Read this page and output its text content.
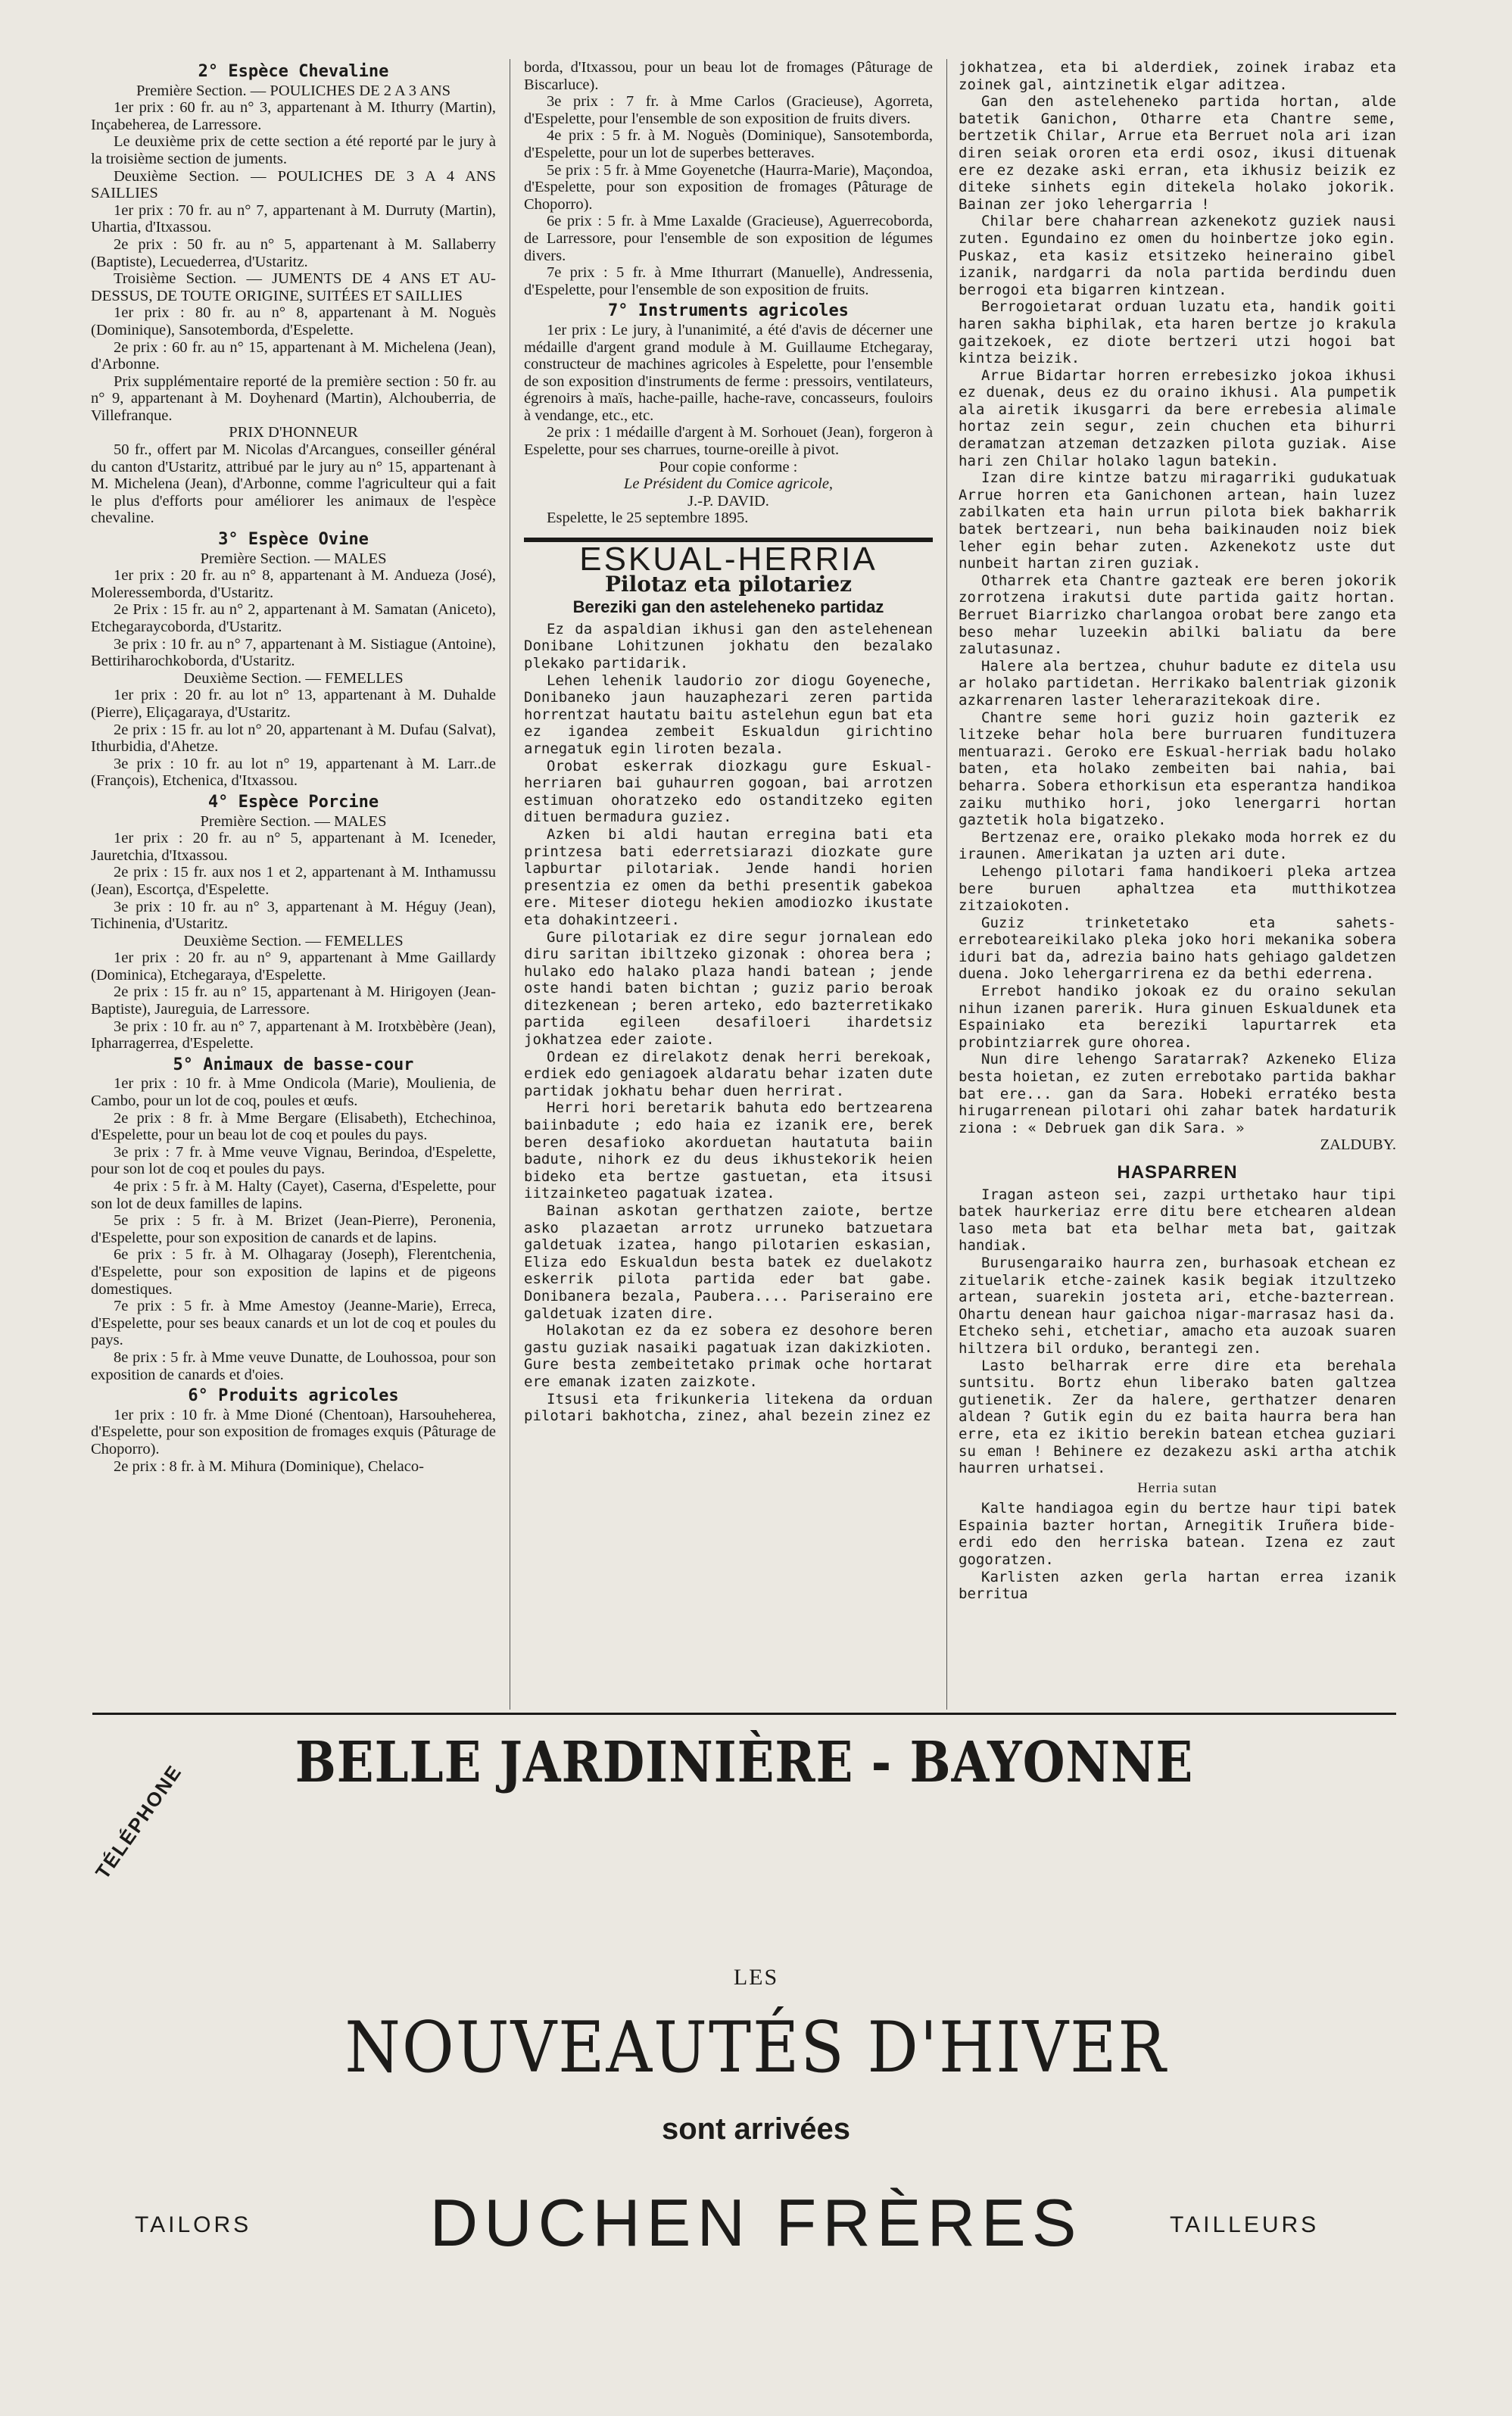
2° Espèce Chevaline

Première Section. — POULICHES DE 2 A 3 ANS

1er prix : 60 fr. au n° 3, appartenant à M. Ithurry (Martin), Inçabeherea, de Larressore.

Le deuxième prix de cette section a été reporté par le jury à la troisième section de juments.

Deuxième Section. — POULICHES DE 3 A 4 ANS SAILLIES

1er prix : 70 fr. au n° 7, appartenant à M. Durruty (Martin), Uhartia, d'Itxassou.

2e prix : 50 fr. au n° 5, appartenant à M. Sallaberry (Baptiste), Lecuederrea, d'Ustaritz.

Troisième Section. — JUMENTS DE 4 ANS ET AU-DESSUS, DE TOUTE ORIGINE, SUITÉES ET SAILLIES

1er prix : 80 fr. au n° 8, appartenant à M. Noguès (Dominique), Sansotemborda, d'Espelette.

2e prix : 60 fr. au n° 15, appartenant à M. Michelena (Jean), d'Arbonne.

Prix supplémentaire reporté de la première section : 50 fr. au n° 9, appartenant à M. Doyhenard (Martin), Alchouberria, de Villefranque.

PRIX D'HONNEUR

50 fr., offert par M. Nicolas d'Arcangues, conseiller général du canton d'Ustaritz, attribué par le jury au n° 15, appartenant à M. Michelena (Jean), d'Arbonne, comme l'agriculteur qui a fait le plus d'efforts pour améliorer les animaux de l'espèce chevaline.

3° Espèce Ovine

Première Section. — MALES

1er prix : 20 fr. au n° 8, appartenant à M. Andueza (José), Moleressemborda, d'Ustaritz.

2e Prix : 15 fr. au n° 2, appartenant à M. Samatan (Aniceto), Etchegaraycoborda, d'Ustaritz.

3e prix : 10 fr. au n° 7, appartenant à M. Sistiague (Antoine), Bettiriharochkoborda, d'Ustaritz.

Deuxième Section. — FEMELLES

1er prix : 20 fr. au lot n° 13, appartenant à M. Duhalde (Pierre), Eliçagaraya, d'Ustaritz.

2e prix : 15 fr. au lot n° 20, appartenant à M. Dufau (Salvat), Ithurbidia, d'Ahetze.

3e prix : 10 fr. au lot n° 19, appartenant à M. Larr..de (François), Etchenica, d'Itxassou.

4° Espèce Porcine

Première Section. — MALES

1er prix : 20 fr. au n° 5, appartenant à M. Iceneder, Jauretchia, d'Itxassou.

2e prix : 15 fr. aux nos 1 et 2, appartenant à M. Inthamussu (Jean), Escortça, d'Espelette.

3e prix : 10 fr. au n° 3, appartenant à M. Héguy (Jean), Tichinenia, d'Ustaritz.

Deuxième Section. — FEMELLES

1er prix : 20 fr. au n° 9, appartenant à Mme Gaillardy (Dominica), Etchegaraya, d'Espelette.

2e prix : 15 fr. au n° 15, appartenant à M. Hirigoyen (Jean-Baptiste), Jaureguia, de Larressore.

3e prix : 10 fr. au n° 7, appartenant à M. Irotxbèbère (Jean), Ipharragerrea, d'Espelette.

5° Animaux de basse-cour

1er prix : 10 fr. à Mme Ondicola (Marie), Moulienia, de Cambo, pour un lot de coq, poules et œufs.

2e prix : 8 fr. à Mme Bergare (Elisabeth), Etchechinoa, d'Espelette, pour un beau lot de coq et poules du pays.

3e prix : 7 fr. à Mme veuve Vignau, Berindoa, d'Espelette, pour son lot de coq et poules du pays.

4e prix : 5 fr. à M. Halty (Cayet), Caserna, d'Espelette, pour son lot de deux familles de lapins.

5e prix : 5 fr. à M. Brizet (Jean-Pierre), Peronenia, d'Espelette, pour son exposition de canards et de lapins.

6e prix : 5 fr. à M. Olhagaray (Joseph), Flerentchenia, d'Espelette, pour son exposition de lapins et de pigeons domestiques.

7e prix : 5 fr. à Mme Amestoy (Jeanne-Marie), Erreca, d'Espelette, pour ses beaux canards et un lot de coq et poules du pays.

8e prix : 5 fr. à Mme veuve Dunatte, de Louhossoa, pour son exposition de canards et d'oies.

6° Produits agricoles

1er prix : 10 fr. à Mme Dioné (Chentoan), Harsouheherea, d'Espelette, pour son exposition de fromages exquis (Pâturage de Choporro).

2e prix : 8 fr. à M. Mihura (Dominique), Chelaco-

borda, d'Itxassou, pour un beau lot de fromages (Pâturage de Biscarluce).

3e prix : 7 fr. à Mme Carlos (Gracieuse), Agorreta, d'Espelette, pour l'ensemble de son exposition de fruits divers.

4e prix : 5 fr. à M. Noguès (Dominique), Sansotemborda, d'Espelette, pour un lot de superbes betteraves.

5e prix : 5 fr. à Mme Goyenetche (Haurra-Marie), Maçondoa, d'Espelette, pour son exposition de fromages (Pâturage de Choporro).

6e prix : 5 fr. à Mme Laxalde (Gracieuse), Aguerrecoborda, de Larressore, pour l'ensemble de son exposition de légumes divers.

7e prix : 5 fr. à Mme Ithurrart (Manuelle), Andressenia, d'Espelette, pour l'ensemble de son exposition de fruits.

7° Instruments agricoles

1er prix : Le jury, à l'unanimité, a été d'avis de décerner une médaille d'argent grand module à M. Guillaume Etchegaray, constructeur de machines agricoles à Espelette, pour l'ensemble de son exposition d'instruments de ferme : pressoirs, ventilateurs, égrenoirs à maïs, hache-paille, hache-rave, concasseurs, fouloirs à vendange, etc., etc.

2e prix : 1 médaille d'argent à M. Sorhouet (Jean), forgeron à Espelette, pour ses charrues, tourne-oreille à pivot.

Pour copie conforme :

Le Président du Comice agricole,

J.-P. DAVID.

Espelette, le 25 septembre 1895.

ESKUAL-HERRIA
Pilotaz eta pilotariez
Bereziki gan den asteleheneko partidaz

Ez da aspaldian ikhusi gan den astelehenean Donibane Lohitzunen jokhatu den bezalako plekako partidarik.

Lehen lehenik laudorio zor diogu Goyeneche, Donibaneko jaun hauzaphezari zeren partida horrentzat hautatu baitu astelehun egun bat eta ez igandea zembeit Eskualdun girichtino arnegatuk egin liroten bezala.

Orobat eskerrak diozkagu gure Eskual-herriaren bai guhaurren gogoan, bai arrotzen estimuan ohoratzeko edo ostanditzeko egiten dituen bermadura guziez.

Azken bi aldi hautan erregina bati eta printzesa bati ederretsiarazi diozkate gure lapburtar pilotariak. Jende handi horien presentzia ez omen da bethi presentik gabekoa ere. Miteser diotegu hekien amodiozko ikustate eta dohakintzeeri.

Gure pilotariak ez dire segur jornalean edo diru saritan ibiltzeko gizonak : ohorea bera ; hulako edo halako plaza handi batean ; jende oste handi baten bichtan ; guziz pario beroak ditezkenean ; beren arteko, edo bazterretikako partida egileen desafiloeri ihardetsiz jokhatzea eder zaiote.

Ordean ez direlakotz denak herri berekoak, erdiek edo geniagoek aldaratu behar izaten dute partidak jokhatu behar duen herrirat.

Herri hori beretarik bahuta edo bertzearena baiinbadute ; edo haia ez izanik ere, berek beren desafioko akorduetan hautatuta baiin badute, nihork ez du deus ikhustekorik heien bideko eta bertze gastuetan, eta itsusi iitzainketeo pagatuak izatea.

Bainan askotan gerthatzen zaiote, bertze asko plazaetan arrotz urruneko batzuetara galdetuak izatea, hango pilotarien eskasian, Eliza edo Eskualdun besta batek ez duelakotz eskerrik pilota partida eder bat gabe. Donibanera bezala, Paubera.... Pariseraino ere galdetuak izaten dire.

Holakotan ez da ez sobera ez desohore beren gastu guziak nasaiki pagatuak izan dakizkioten. Gure besta zembeitetako primak oche hortarat ere emanak izaten zaizkote.

Itsusi eta frikunkeria litekena da orduan pilotari bakhotcha, zinez, ahal bezein zinez ez

jokhatzea, eta bi alderdiek, zoinek irabaz eta zoinek gal, aintzinetik elgar aditzea.

Gan den asteleheneko partida hortan, alde batetik Ganichon, Otharre eta Chantre seme, bertzetik Chilar, Arrue eta Berruet nola ari izan diren seiak ororen eta erdi osoz, ikusi dituenak ere ez dezake aski erran, eta ikhusiz beizik ez diteke sinhets egin ditekela holako jokorik. Bainan zer joko lehergarria !

Chilar bere chaharrean azkenekotz guziek nausi zuten. Egundaino ez omen du hoinbertze joko egin. Puskaz, eta kasiz etsitzeko heineraino gibel izanik, nardgarri da nola partida berdindu duen berrogoi eta bigarren kintzean.

Berrogoietarat orduan luzatu eta, handik goiti haren sakha biphilak, eta haren bertze jo krakula gaitzekoek, ez diote bertzeri utzi hogoi bat kintza beizik.

Arrue Bidartar horren errebesizko jokoa ikhusi ez duenak, deus ez du oraino ikhusi. Ala pumpetik ala airetik ikusgarri da bere errebesia alimale hortaz zein segur, zein chuchen eta bihurri deramatzan atzeman detzazken pilota guziak. Aise hari zen Chilar holako lagun batekin.

Izan dire kintze batzu miragarriki gudukatuak Arrue horren eta Ganichonen artean, hain luzez zabilkaten eta hain urrun pilota biek bakharrik batek bertzeari, nun beha baikinauden noiz biek leher egin behar zuten. Azkenekotz uste dut nunbeit hartan ziren guziak.

Otharrek eta Chantre gazteak ere beren jokorik zorrotzena irakutsi dute partida gaitz hortan. Berruet Biarrizko charlangoa orobat bere zango eta beso mehar luzeekin abilki baliatu da bere zalutasunaz.

Halere ala bertzea, chuhur badute ez ditela usu ar holako partidetan. Herrikako balentriak gizonik azkarrenaren laster leherarazitekoak dire.

Chantre seme hori guziz hoin gazterik ez litzeke behar hola bere burruaren fundituzera mentuarazi. Geroko ere Eskual-herriak badu holako baten, eta holako zembeiten bai nahia, bai beharra. Sobera ethorkisun eta esperantza handikoa zaiku muthiko hori, joko lenergarri hortan gaztetik hola bigatzeko.

Bertzenaz ere, oraiko plekako moda horrek ez du iraunen. Amerikatan ja uzten ari dute.

Lehengo pilotari fama handikoeri pleka artzea bere buruen aphaltzea eta mutthikotzea zitzaiokoten.

Guziz trinketetako eta sahets-erreboteareikilako pleka joko hori mekanika sobera iduri bat da, adrezia baino hats gehiago galdetzen duena. Joko lehergarrirena ez da bethi ederrena.

Errebot handiko jokoak ez du oraino sekulan nihun izanen parerik. Hura ginuen Eskualdunek eta Espainiako eta bereziki lapurtarrek eta probintziarrek gure ohorea.

Nun dire lehengo Saratarrak? Azkeneko Eliza besta hoietan, ez zuten errebotako partida bakhar bat ere... gan da Sara. Hobeki erratéko besta hirugarrenean pilotari ohi zahar batek hardaturik ziona : « Debruek gan dik Sara. »

ZALDUBY.

HASPARREN

Iragan asteon sei, zazpi urthetako haur tipi batek haurkeriaz erre ditu bere etchearen aldean laso meta bat eta belhar meta bat, gaitzak handiak.

Burusengaraiko haurra zen, burhasoak etchean ez zituelarik etche-zainek kasik begiak itzultzeko artean, suarekin josteta ari, etche-bazterrean. Ohartu denean haur gaichoa nigar-marrasaz hasi da. Etcheko sehi, etchetiar, amacho eta auzoak suaren hiltzera bil orduko, berantegi zen.

Lasto belharrak erre dire eta berehala suntsitu. Bortz ehun liberako baten galtzea gutienetik. Zer da halere, gerthatzer denaren aldean ? Gutik egin du ez baita haurra bera han erre, eta ez ikitio berekin batean etchea guziari su eman ! Behinere ez dezakezu aski artha atchik haurren urhatsei.

Herria sutan

Kalte handiagoa egin du bertze haur tipi batek Espainia bazter hortan, Arnegitik Iruñera bide-erdi edo den herriska batean. Izena ez zaut gogoratzen.

Karlisten azken gerla hartan errea izanik berritua

BELLE JARDINIÈRE - BAYONNE
TÉLÉPHONE
LES
NOUVEAUTÉS D'HIVER
sont arrivées
TAILORS	DUCHEN FRÈRES	TAILLEURS
